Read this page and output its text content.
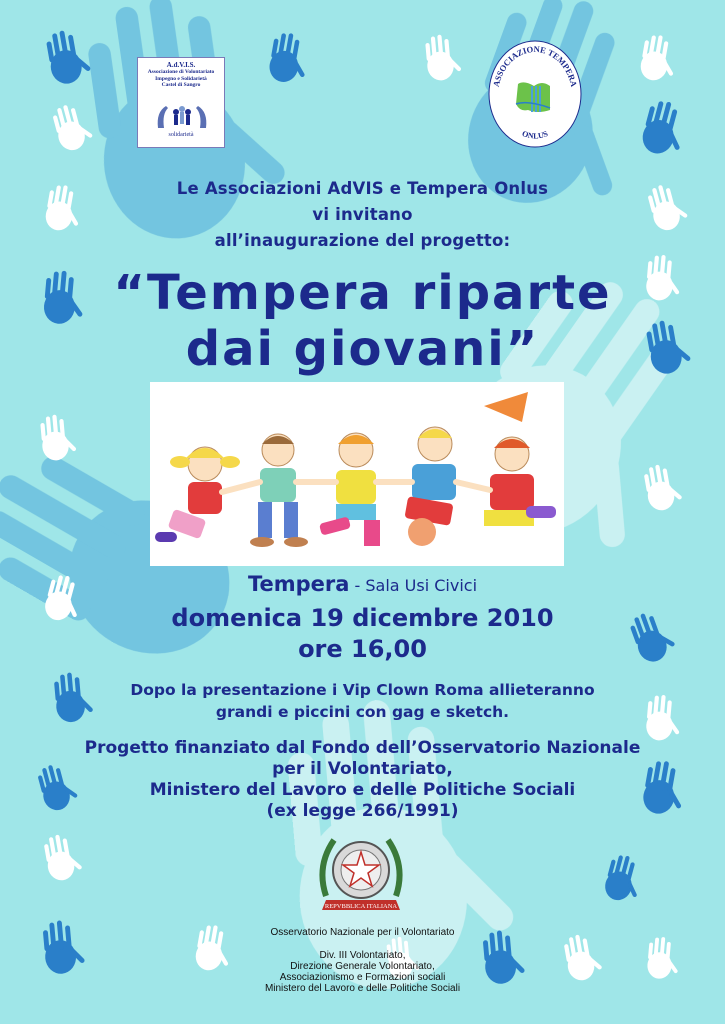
A.d.V.I.S.
Associazione di Volontariato
Impegno e Solidarietà
Castel di Sangro
solidarietà
ASSOCIAZIONE TEMPERA
ONLUS
Le Associazioni AdVIS e Tempera Onlus
vi invitano
all’inaugurazione del progetto:
“Tempera riparte
dai giovani”
Tempera - Sala Usi Civici
domenica 19 dicembre 2010
ore 16,00
Dopo la presentazione i Vip Clown Roma allieteranno
grandi e piccini con gag e sketch.
Progetto finanziato dal Fondo dell’Osservatorio Nazionale
per il Volontariato,
Ministero del Lavoro e delle Politiche Sociali
(ex legge 266/1991)
REPVBBLICA ITALIANA
Osservatorio Nazionale per il Volontariato
Div. III Volontariato,
Direzione Generale Volontariato,
Associazionismo e Formazioni sociali
Ministero del Lavoro e delle Politiche Sociali
